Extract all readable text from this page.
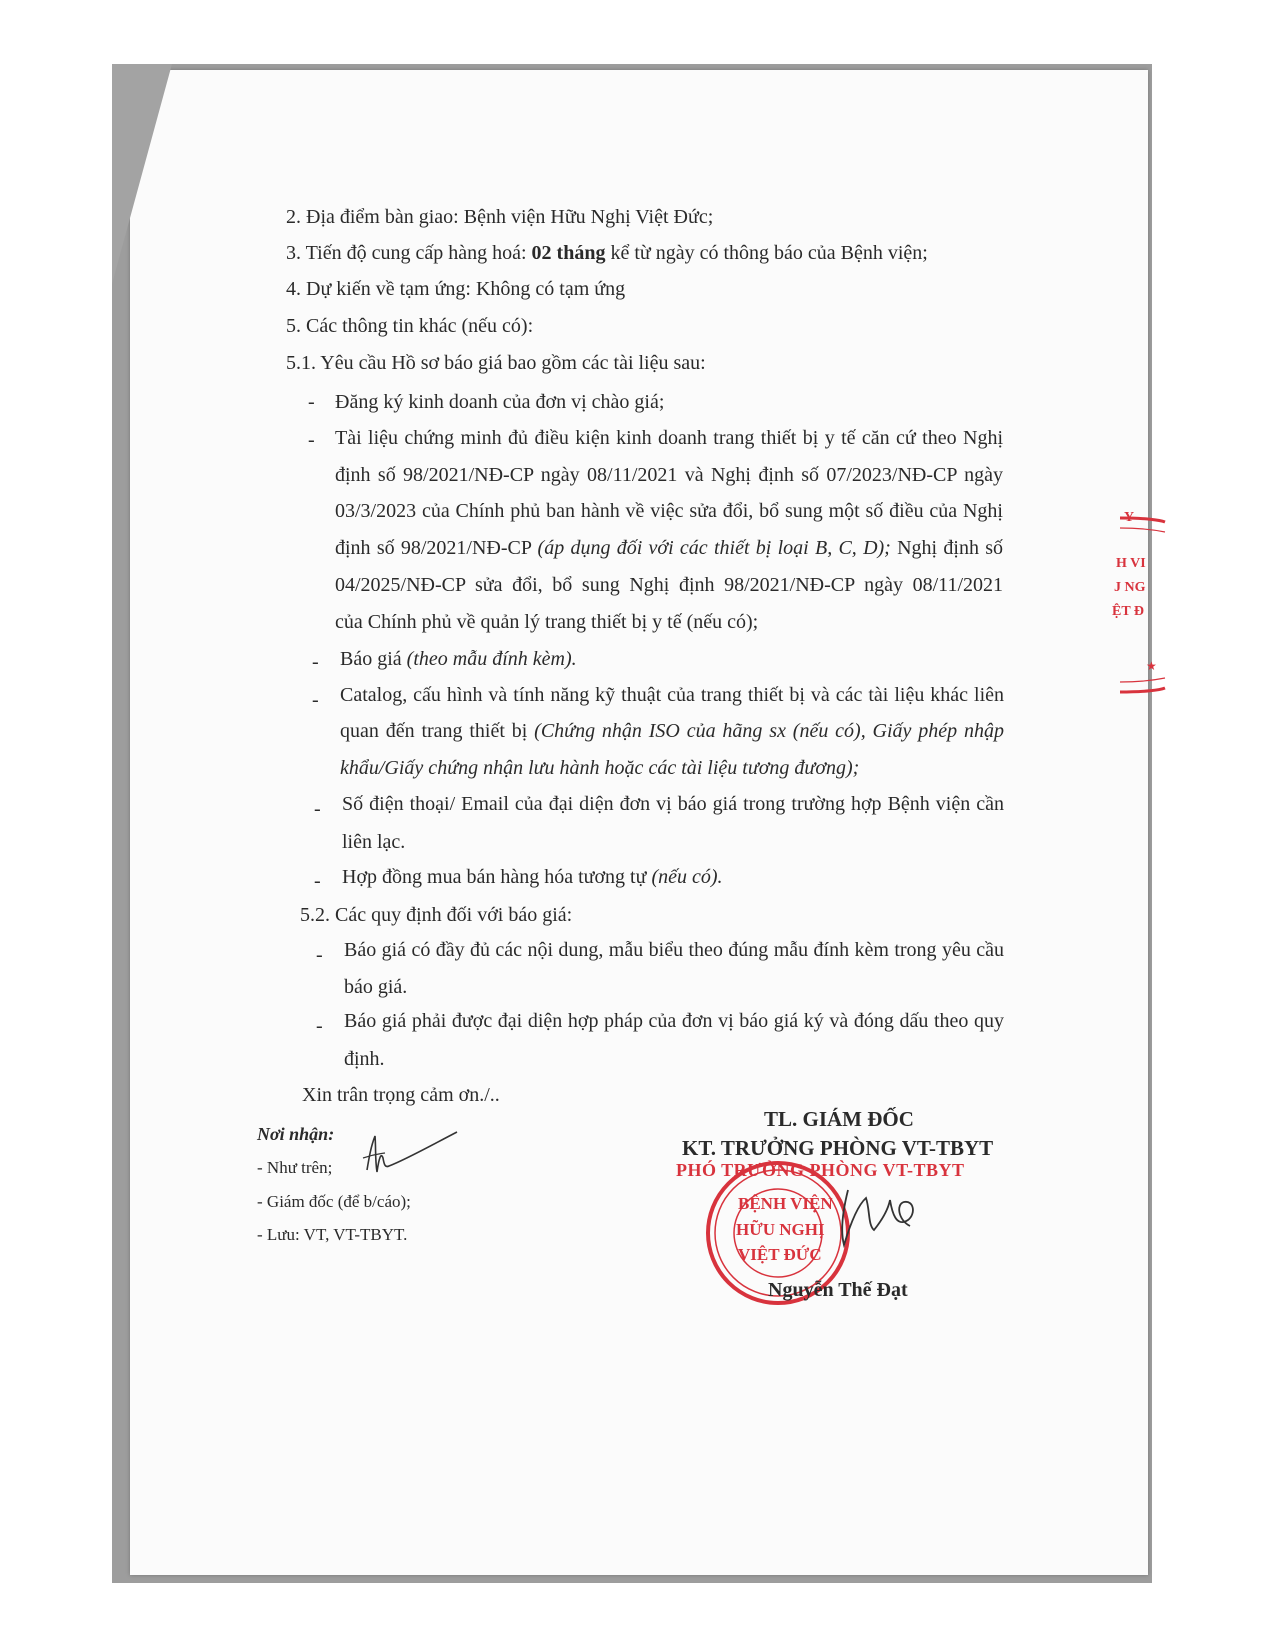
2. Địa điểm bàn giao: Bệnh viện Hữu Nghị Việt Đức;
3. Tiến độ cung cấp hàng hoá: 02 tháng kể từ ngày có thông báo của Bệnh viện;
4. Dự kiến về tạm ứng: Không có tạm ứng
5. Các thông tin khác (nếu có):
5.1. Yêu cầu Hồ sơ báo giá bao gồm các tài liệu sau:
- Đăng ký kinh doanh của đơn vị chào giá;
- Tài liệu chứng minh đủ điều kiện kinh doanh trang thiết bị y tế căn cứ theo Nghị
định số 98/2021/NĐ-CP ngày 08/11/2021 và Nghị định số 07/2023/NĐ-CP ngày
03/3/2023 của Chính phủ ban hành về việc sửa đổi, bổ sung một số điều của Nghị
định số 98/2021/NĐ-CP (áp dụng đối với các thiết bị loại B, C, D); Nghị định số
04/2025/NĐ-CP sửa đổi, bổ sung Nghị định 98/2021/NĐ-CP ngày 08/11/2021
của Chính phủ về quản lý trang thiết bị y tế (nếu có);
- Báo giá (theo mẫu đính kèm).
- Catalog, cấu hình và tính năng kỹ thuật của trang thiết bị và các tài liệu khác liên
quan đến trang thiết bị (Chứng nhận ISO của hãng sx (nếu có), Giấy phép nhập
khẩu/Giấy chứng nhận lưu hành hoặc các tài liệu tương đương);
- Số điện thoại/ Email của đại diện đơn vị báo giá trong trường hợp Bệnh viện cần
liên lạc.
- Hợp đồng mua bán hàng hóa tương tự (nếu có).
5.2. Các quy định đối với báo giá:
- Báo giá có đầy đủ các nội dung, mẫu biểu theo đúng mẫu đính kèm trong yêu cầu
báo giá.
- Báo giá phải được đại diện hợp pháp của đơn vị báo giá ký và đóng dấu theo quy
định.
Xin trân trọng cảm ơn./..
Nơi nhận:
- Như trên;
- Giám đốc (để b/cáo);
- Lưu: VT, VT-TBYT.
TL. GIÁM ĐỐC
KT. TRƯỞNG PHÒNG VT-TBYT
PHÓ TRƯỞNG PHÒNG VT-TBYT
BỆNH VIỆN
HỮU NGHỊ
VIỆT ĐỨC
Nguyễn Thế Đạt
★
Y
H VI
J NG
ỆT Đ
